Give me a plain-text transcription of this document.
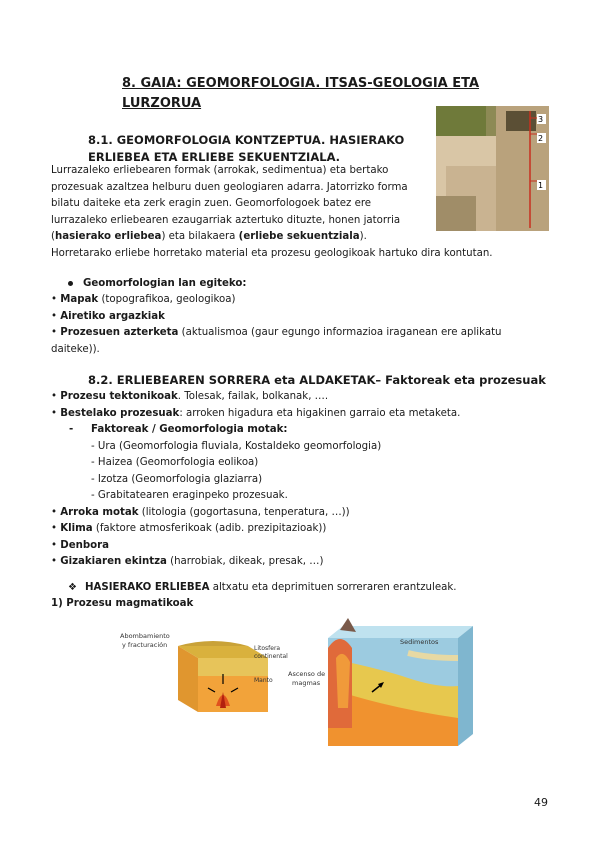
8. GAIA: GEOMORFOLOGIA. ITSAS-GEOLOGIA ETA
LURZORUA
3
2
1
8.1. GEOMORFOLOGIA KONTZEPTUA. HASIERAKO
ERLIEBEA ETA ERLIEBE SEKUENTZIALA.
Lurrazaleko erliebearen formak (arrokak, sedimentua) eta bertako
prozesuak azaltzea helburu duen geologiaren adarra. Jatorrizko forma
bilatu daiteke eta zerk eragin zuen. Geomorfologoek batez ere
lurrazaleko erliebearen ezaugarriak aztertuko dituzte, honen jatorria
(hasierako erliebea) eta bilakaera (erliebe sekuentziala).
Horretarako erliebe horretako material eta prozesu geologikoak hartuko dira kontutan.
Geomorfologian lan egiteko:
• Mapak (topografikoa, geologikoa)
• Airetiko argazkiak
• Prozesuen azterketa (aktualismoa (gaur egungo informazioa iraganean ere aplikatu
daiteke)).
8.2. ERLIEBEAREN SORRERA eta ALDAKETAK– Faktoreak eta prozesuak
• Prozesu tektonikoak. Tolesak, failak, bolkanak, ….
• Bestelako prozesuak: arroken higadura eta higakinen garraio eta metaketa.
-     Faktoreak / Geomorfologia motak:
- Ura (Geomorfologia fluviala, Kostaldeko geomorfologia)
- Haizea (Geomorfologia eolikoa)
- Izotza (Geomorfologia glaziarra)
- Grabitatearen eraginpeko prozesuak.
• Arroka motak (litologia (gogortasuna, tenperatura, …))
• Klima (faktore atmosferikoak (adib. prezipitazioak))
• Denbora
• Gizakiaren ekintza (harrobiak, dikeak, presak, …)
❖ HASIERAKO ERLIEBEA altxatu eta deprimituen sorreraren erantzuleak.
1) Prozesu magmatikoak
Abombamiento
y fracturación	Litosfera
continental
Manto
Sedimentos
Ascenso de
magmas
49
